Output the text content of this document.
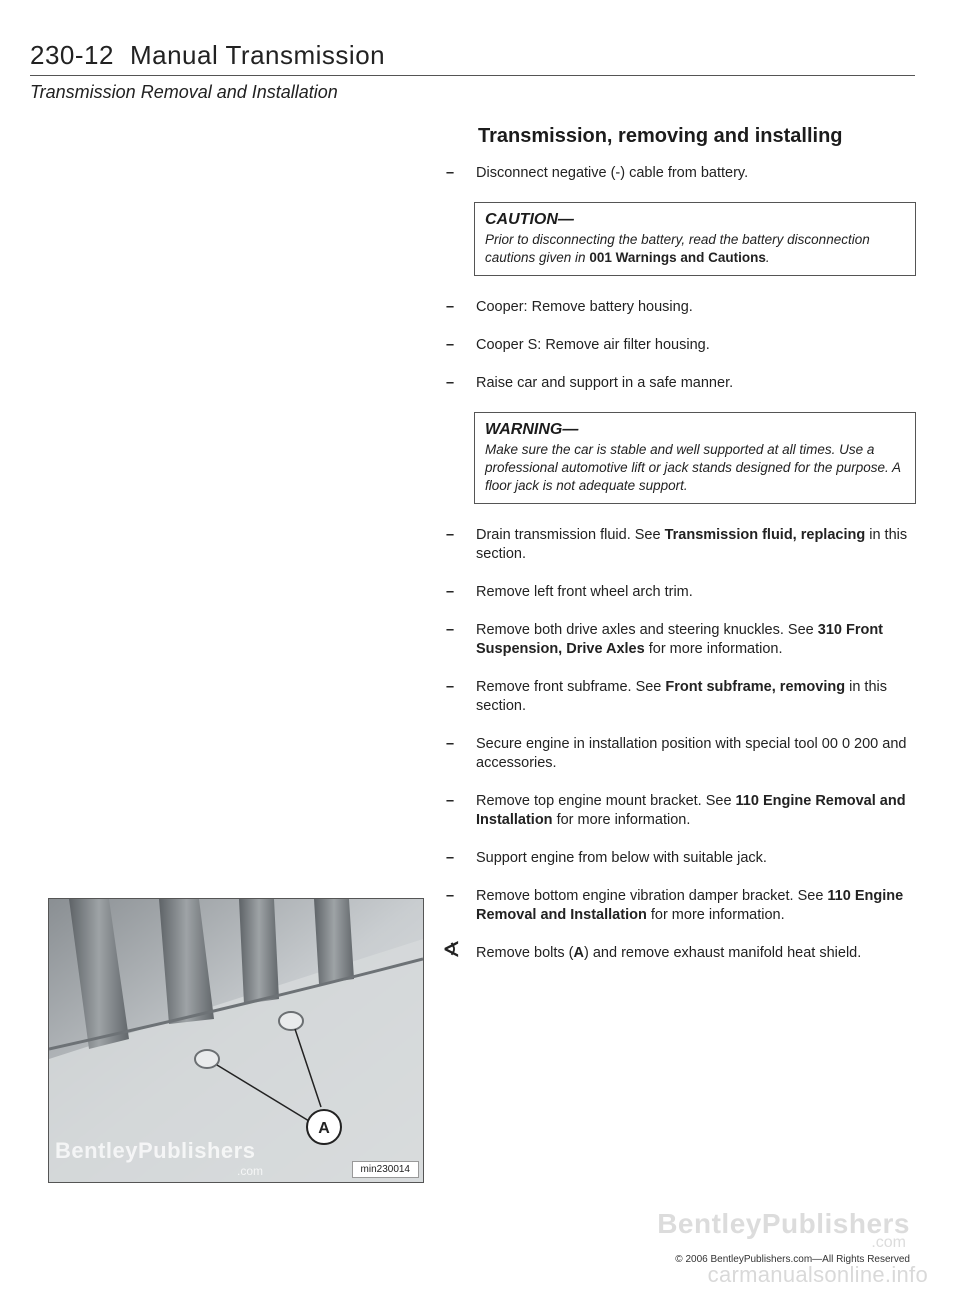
230-12 Manual Transmission
Transmission Removal and Installation
Transmission, removing and installing
–	Disconnect negative (-) cable from battery.
CAUTION—
Prior to disconnecting the battery, read the battery disconnection cautions given in 001 Warnings and Cautions.
–	Cooper: Remove battery housing.
–	Cooper S: Remove air filter housing.
–	Raise car and support in a safe manner.
WARNING—
Make sure the car is stable and well supported at all times. Use a professional automotive lift or jack stands designed for the purpose. A floor jack is not adequate support.
–	Drain transmission fluid. See Transmission fluid, replacing in this section.
–	Remove left front wheel arch trim.
–	Remove both drive axles and steering knuckles. See 310 Front Suspension, Drive Axles for more information.
–	Remove front subframe. See Front subframe, removing in this section.
–	Secure engine in installation position with special tool 00 0 200 and accessories.
–	Remove top engine mount bracket. See 110 Engine Removal and Installation for more information.
–	Support engine from below with suitable jack.
–	Remove bottom engine vibration damper bracket. See 110 Engine Removal and Installation for more information.
∢ Remove bolts (A) and remove exhaust manifold heat shield.
A
BentleyPublishers
.com	min230014
BentleyPublishers
.com
© 2006 BentleyPublishers.com—All Rights Reserved
carmanualsonline.info
